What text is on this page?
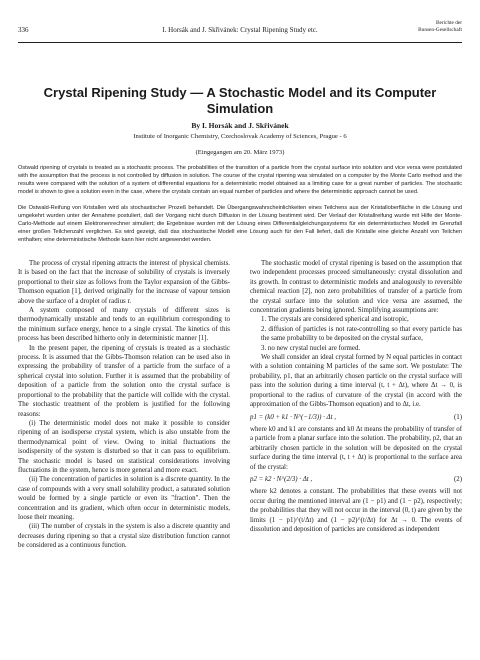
336	I. Horsák and J. Skřivánek: Crystal Ripening Study etc.
Berichte der
Bunsen-Gesellschaft
Crystal Ripening Study — A Stochastic Model and its Computer Simulation
By I. Horsák and J. Skřivánek
Institute of Inorganic Chemistry, Czechoslovak Academy of Sciences, Prague - 6
(Eingegangen am 20. März 1973)
Ostwald ripening of crystals is treated as a stochastic process. The probabilities of the transition of a particle from the crystal surface into solution and vice versa were postulated with the assumption that the process is not controlled by diffusion in solution. The course of the crystal ripening was simulated on a computer by the Monte Carlo method and the results were compared with the solution of a system of differential equations for a deterministic model obtained as a limiting case for a great number of particles. The stochastic model is shown to give a solution even in the case, where the crystals contain an equal number of particles and where the deterministic approach cannot be used.
Die Ostwald-Reifung von Kristallen wird als stochastischer Prozeß behandelt. Die Übergangswahrscheinlichkeiten eines Teilchens aus der Kristalloberfläche in die Lösung und umgekehrt wurden unter der Annahme postuliert, daß der Vorgang nicht durch Diffusion in der Lösung bestimmt wird. Der Verlauf der Kristallreifung wurde mit Hilfe der Monte-Carlo-Methode auf einem Elektronenrechner simuliert; die Ergebnisse wurden mit der Lösung eines Differentialgleichungssystems für ein deterministisches Modell im Grenzfall einer großen Teilchenzahl verglichen. Es wird gezeigt, daß das stochastische Modell eine Lösung auch für den Fall liefert, daß die Kristalle eine gleiche Anzahl von Teilchen enthalten; eine deterministische Methode kann hier nicht angewendet werden.

The process of crystal ripening attracts the interest of physical chemists. It is based on the fact that the increase of solubility of crystals is inversely proportional to their size as follows from the Taylor expansion of the Gibbs-Thomson equation [1], derived originally for the increase of vapour tension above the surface of a droplet of radius r.

A system composed of many crystals of different sizes is thermodynamically unstable and tends to an equilibrium corresponding to the minimum surface energy, hence to a single crystal. The kinetics of this process has been described hitherto only in deterministic manner [1].

In the present paper, the ripening of crystals is treated as a stochastic process. It is assumed that the Gibbs-Thomson relation can be used also in expressing the probability of transfer of a particle from the surface of a spherical crystal into solution. Further it is assumed that the probability of deposition of a particle from the solution onto the crystal surface is proportional to the probability that the particle will collide with the crystal. The stochastic treatment of the problem is justified for the following reasons:

(i) The deterministic model does not make it possible to consider ripening of an isodisperse crystal system, which is also unstable from the thermodynamical point of view. Owing to initial fluctuations the isodispersity of the system is disturbed so that it can pass to equilibrium. The stochastic model is based on statistical considerations involving fluctuations in the system, hence is more general and more exact.

(ii) The concentration of particles in solution is a discrete quantity. In the case of compounds with a very small solubility product, a saturated solution would be formed by a single particle or even its "fraction". Then the concentration and its gradient, which often occur in deterministic models, loose their meaning.

(iii) The number of crystals in the system is also a discrete quantity and decreases during ripening so that a crystal size distribution function cannot be considered as a continuous function.

The stochastic model of crystal ripening is based on the assumption that two independent processes proceed simultaneously: crystal dissolution and its growth. In contrast to deterministic models and analogously to reversible chemical reaction [2], non zero probabilities of transfer of a particle from the crystal surface into the solution and vice versa are assumed, the concentration gradients being ignored. Simplifying assumptions are:

1. The crystals are considered spherical and isotropic,

2. diffusion of particles is not rate-controlling so that every particle has the same probability to be deposited on the crystal surface,

3. no new crystal nuclei are formed.

We shall consider an ideal crystal formed by N equal particles in contact with a solution containing M particles of the same sort. We postulate: The probability, p1, that an arbitrarily chosen particle on the crystal surface will pass into the solution during a time interval (t, t + Δt), where Δt → 0, is proportional to the radius of curvature of the crystal (in accord with the approximation of the Gibbs-Thomson equation) and to Δt, i.e.

p1 = (k0 + k1 · N^(−1/3)) · Δt ,	(1)

where k0 and k1 are constants and k0 Δt means the probability of transfer of a particle from a planar surface into the solution. The probability, p2, that an arbitrarily chosen particle in the solution will be deposited on the crystal surface during the time interval (t, t + Δt) is proportional to the surface area of the crystal:

p2 = k2 · N^(2/3) · Δt ,	(2)

where k2 denotes a constant. The probabilities that these events will not occur during the mentioned interval are (1 − p1) and (1 − p2), respectively; the probabilities that they will not occur in the interval (0, t) are given by the limits (1 − p1)^(t/Δt) and (1 − p2)^(t/Δt) for Δt → 0. The events of dissolution and deposition of particles are considered as independent
